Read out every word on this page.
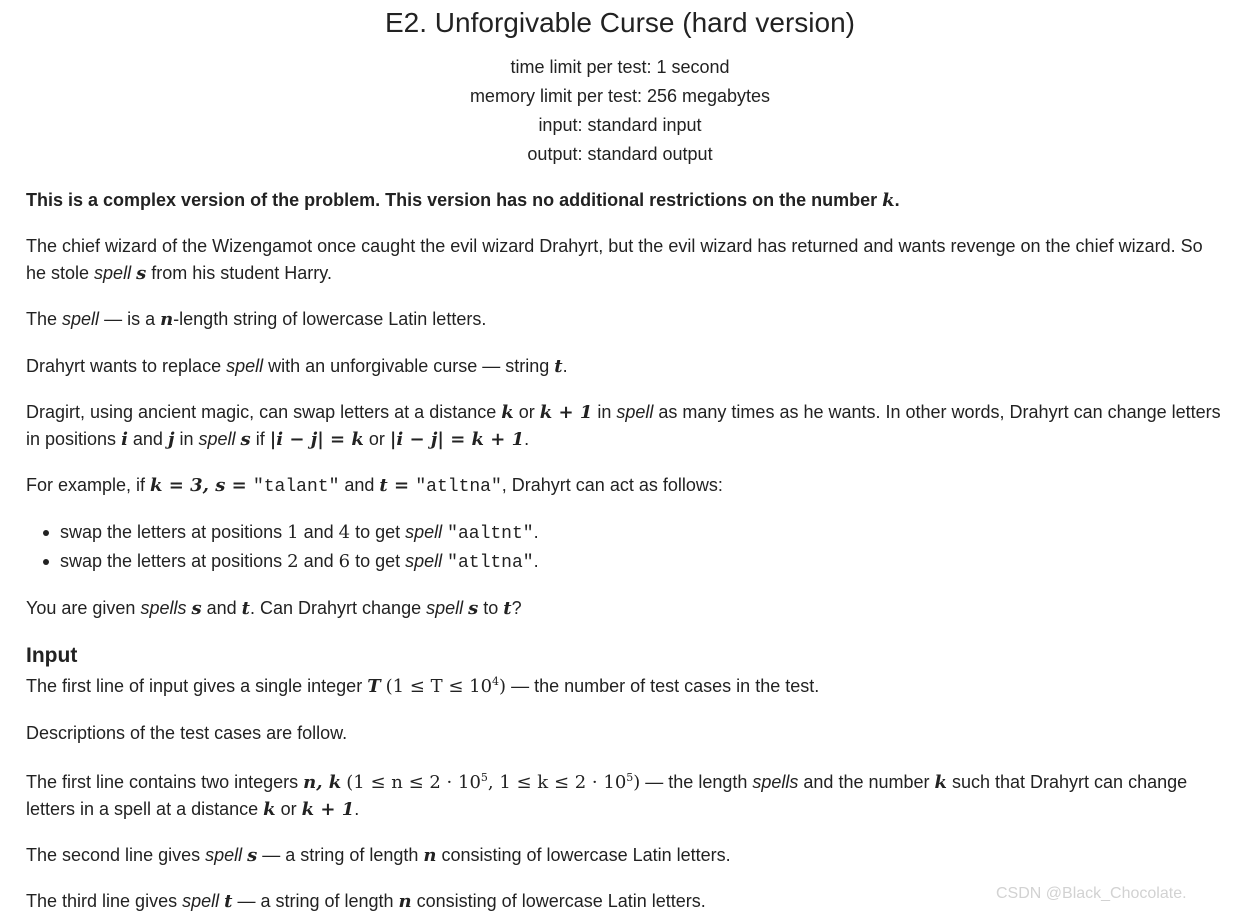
E2. Unforgivable Curse (hard version)
time limit per test: 1 second
memory limit per test: 256 megabytes
input: standard input
output: standard output
This is a complex version of the problem. This version has no additional restrictions on the number k.
The chief wizard of the Wizengamot once caught the evil wizard Drahyrt, but the evil wizard has returned and wants revenge on the chief wizard. So he stole spell s from his student Harry.
The spell — is a n-length string of lowercase Latin letters.
Drahyrt wants to replace spell with an unforgivable curse — string t.
Dragirt, using ancient magic, can swap letters at a distance k or k + 1 in spell as many times as he wants. In other words, Drahyrt can change letters in positions i and j in spell s if |i − j| = k or |i − j| = k + 1.
For example, if k = 3, s = "talant" and t = "atltna", Drahyrt can act as follows:
swap the letters at positions 1 and 4 to get spell "aaltnt".
swap the letters at positions 2 and 6 to get spell "atltna".
You are given spells s and t. Can Drahyrt change spell s to t?
Input
The first line of input gives a single integer T $(1 \le T \le 10^4)$ — the number of test cases in the test.
Descriptions of the test cases are follow.
The first line contains two integers n, k ($1 \le n \le 2 \cdot 10^5$, $1 \le k \le 2 \cdot 10^5$) — the length spells and the number k such that Drahyrt can change letters in a spell at a distance k or k + 1.
The second line gives spell s — a string of length n consisting of lowercase Latin letters.
The third line gives spell t — a string of length n consisting of lowercase Latin letters.	CSDN @Black_Chocolate.
